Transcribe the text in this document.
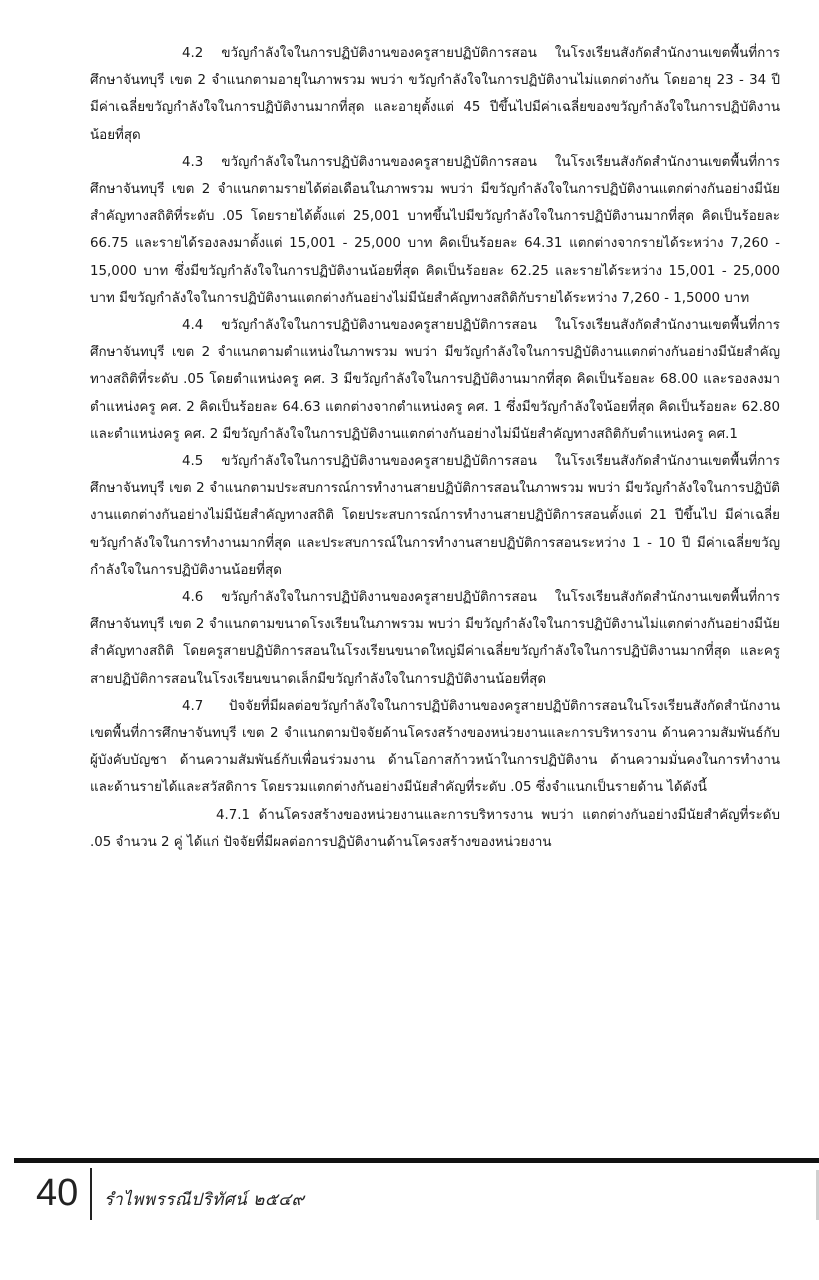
4.2 ขวัญกำลังใจในการปฏิบัติงานของครูสายปฏิบัติการสอน ในโรงเรียนสังกัดสำนักงานเขตพื้นที่การศึกษาจันทบุรี เขต 2 จำแนกตามอายุในภาพรวม พบว่า ขวัญกำลังใจในการปฏิบัติงานไม่แตกต่างกัน โดยอายุ 23 - 34 ปี มีค่าเฉลี่ยขวัญกำลังใจในการปฏิบัติงานมากที่สุด และอายุตั้งแต่ 45 ปีขึ้นไปมีค่าเฉลี่ยของขวัญกำลังใจในการปฏิบัติงานน้อยที่สุด

4.3 ขวัญกำลังใจในการปฏิบัติงานของครูสายปฏิบัติการสอน ในโรงเรียนสังกัดสำนักงานเขตพื้นที่การศึกษาจันทบุรี เขต 2 จำแนกตามรายได้ต่อเดือนในภาพรวม พบว่า มีขวัญกำลังใจในการปฏิบัติงานแตกต่างกันอย่างมีนัยสำคัญทางสถิติที่ระดับ .05 โดยรายได้ตั้งแต่ 25,001 บาทขึ้นไปมีขวัญกำลังใจในการปฏิบัติงานมากที่สุด คิดเป็นร้อยละ 66.75 และรายได้รองลงมาตั้งแต่ 15,001 - 25,000 บาท คิดเป็นร้อยละ 64.31 แตกต่างจากรายได้ระหว่าง 7,260 - 15,000 บาท ซึ่งมีขวัญกำลังใจในการปฏิบัติงานน้อยที่สุด คิดเป็นร้อยละ 62.25 และรายได้ระหว่าง 15,001 - 25,000 บาท มีขวัญกำลังใจในการปฏิบัติงานแตกต่างกันอย่างไม่มีนัยสำคัญทางสถิติกับรายได้ระหว่าง 7,260 - 1,5000 บาท

4.4 ขวัญกำลังใจในการปฏิบัติงานของครูสายปฏิบัติการสอน ในโรงเรียนสังกัดสำนักงานเขตพื้นที่การศึกษาจันทบุรี เขต 2 จำแนกตามตำแหน่งในภาพรวม พบว่า มีขวัญกำลังใจในการปฏิบัติงานแตกต่างกันอย่างมีนัยสำคัญทางสถิติที่ระดับ .05 โดยตำแหน่งครู คศ. 3 มีขวัญกำลังใจในการปฏิบัติงานมากที่สุด คิดเป็นร้อยละ 68.00 และรองลงมาตำแหน่งครู คศ. 2 คิดเป็นร้อยละ 64.63 แตกต่างจากตำแหน่งครู คศ. 1 ซึ่งมีขวัญกำลังใจน้อยที่สุด คิดเป็นร้อยละ 62.80 และตำแหน่งครู คศ. 2 มีขวัญกำลังใจในการปฏิบัติงานแตกต่างกันอย่างไม่มีนัยสำคัญทางสถิติกับตำแหน่งครู คศ.1

4.5 ขวัญกำลังใจในการปฏิบัติงานของครูสายปฏิบัติการสอน ในโรงเรียนสังกัดสำนักงานเขตพื้นที่การศึกษาจันทบุรี เขต 2 จำแนกตามประสบการณ์การทำงานสายปฏิบัติการสอนในภาพรวม พบว่า มีขวัญกำลังใจในการปฏิบัติงานแตกต่างกันอย่างไม่มีนัยสำคัญทางสถิติ โดยประสบการณ์การทำงานสายปฏิบัติการสอนตั้งแต่ 21 ปีขึ้นไป มีค่าเฉลี่ยขวัญกำลังใจในการทำงานมากที่สุด และประสบการณ์ในการทำงานสายปฏิบัติการสอนระหว่าง 1 - 10 ปี มีค่าเฉลี่ยขวัญกำลังใจในการปฏิบัติงานน้อยที่สุด

4.6 ขวัญกำลังใจในการปฏิบัติงานของครูสายปฏิบัติการสอน ในโรงเรียนสังกัดสำนักงานเขตพื้นที่การศึกษาจันทบุรี เขต 2 จำแนกตามขนาดโรงเรียนในภาพรวม พบว่า มีขวัญกำลังใจในการปฏิบัติงานไม่แตกต่างกันอย่างมีนัยสำคัญทางสถิติ โดยครูสายปฏิบัติการสอนในโรงเรียนขนาดใหญ่มีค่าเฉลี่ยขวัญกำลังใจในการปฏิบัติงานมากที่สุด และครูสายปฏิบัติการสอนในโรงเรียนขนาดเล็กมีขวัญกำลังใจในการปฏิบัติงานน้อยที่สุด

4.7 ปัจจัยที่มีผลต่อขวัญกำลังใจในการปฏิบัติงานของครูสายปฏิบัติการสอนในโรงเรียนสังกัดสำนักงานเขตพื้นที่การศึกษาจันทบุรี เขต 2 จำแนกตามปัจจัยด้านโครงสร้างของหน่วยงานและการบริหารงาน ด้านความสัมพันธ์กับผู้บังคับบัญชา ด้านความสัมพันธ์กับเพื่อนร่วมงาน ด้านโอกาสก้าวหน้าในการปฏิบัติงาน ด้านความมั่นคงในการทำงาน และด้านรายได้และสวัสดิการ โดยรวมแตกต่างกันอย่างมีนัยสำคัญที่ระดับ .05 ซึ่งจำแนกเป็นรายด้าน ได้ดังนี้

4.7.1 ด้านโครงสร้างของหน่วยงานและการบริหารงาน พบว่า แตกต่างกันอย่างมีนัยสำคัญที่ระดับ .05 จำนวน 2 คู่ ได้แก่ ปัจจัยที่มีผลต่อการปฏิบัติงานด้านโครงสร้างของหน่วยงาน

40 รำไพพรรณีปริทัศน์ ๒๕๔๙
